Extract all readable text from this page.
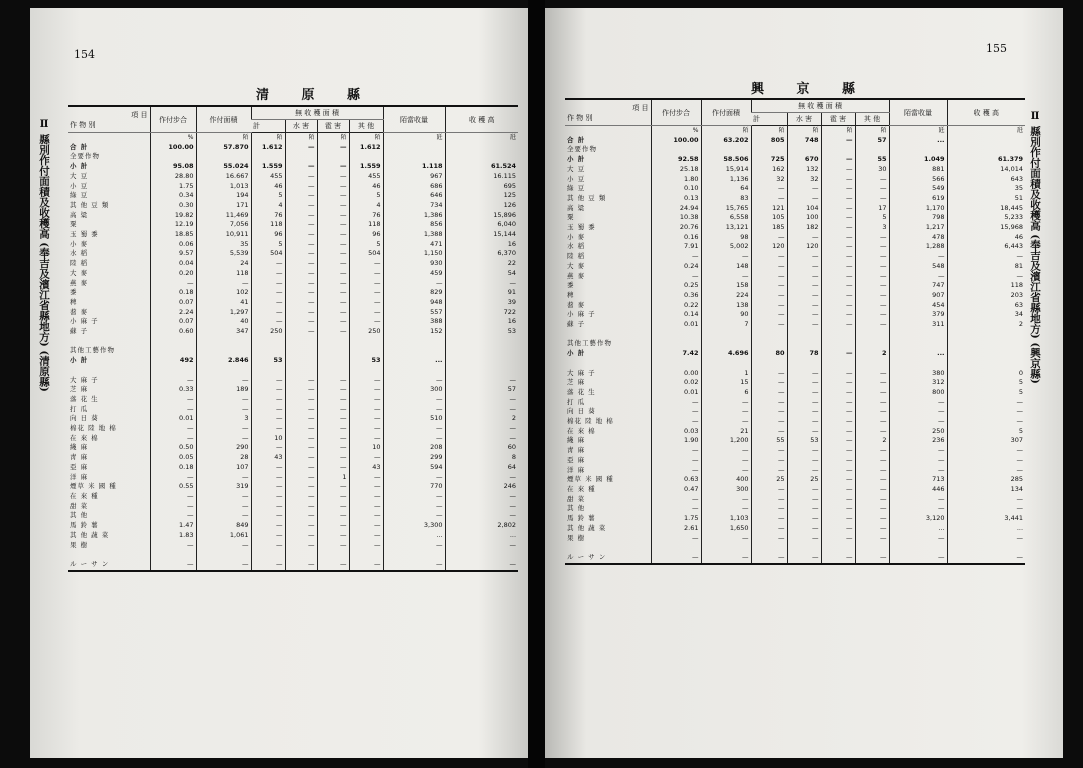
154
清 原 縣
Ⅱ 縣別作付面積及收穫高 (奉吉及濱江省縣地方) (清原縣)
項 目
作 物 別	作付步合	作付面積	無 收 穫 面 積				陌當收量	收 穫 高
			計	水 害	雹 害	其 他		
	%	陌	陌	陌	陌	陌	瓩	瓩
合 計	100.00	57.870	1.612	—	—	1.612		
全要作物								
小 計	95.08	55.024	1.559	—	—	1.559	1.118	61.524
大 豆	28.80	16.667	455	—	—	455	967	16.115
小 豆	1.75	1,013	46	—	—	46	686	695
綠 豆	0.34	194	5	—	—	5	646	125
其 他 豆 類	0.30	171	4	—	—	4	734	126
高 粱	19.82	11,469	76	—	—	76	1,386	15,896
粟	12.19	7,056	118	—	—	118	856	6,040
玉 蜀 黍	18.85	10,911	96	—	—	96	1,388	15,144
小 麥	0.06	35	5	—	—	5	471	16
水 稻	9.57	5,539	504	—	—	504	1,150	6,370
陸 稻	0.04	24	—	—	—	—	930	22
大 麥	0.20	118	—	—	—	—	459	54
燕 麥	—	—	—	—	—	—	—	—
黍	0.18	102	—	—	—	—	829	91
稗	0.07	41	—	—	—	—	948	39
蕎 麥	2.24	1,297	—	—	—	—	557	722
小 麻 子	0.07	40	—	—	—	—	388	16
蘇 子	0.60	347	250	—	—	250	152	53

其他工藝作物								
小 計	492	2.846	53			53	...	

大 麻 子	—	—	—	—	—	—	—	—
芝 麻	0.33	189	—	—	—	—	300	57
落 花 生	—	—	—	—	—	—	—	—
打 瓜	—	—	—	—	—	—	—	—
向 日 葵	0.01	3	—	—	—	—	510	2
棉花 陸 地 棉	—	—	—	—	—	—	—	—
在 來 棉	—	—	10	—	—	—	—	—
綫 麻	0.50	290	—	—	—	10	208	60
靑 麻	0.05	28	43	—	—	—	299	8
亞 麻	0.18	107	—	—	—	43	594	64
洋 麻	—	—	—	—	1	—	—	—
煙草 米 國 種	0.55	319	—	—	—	—	770	246
在 來 種	—	—	—	—	—	—	—	—
甜 菜	—	—	—	—	—	—	—	—
其 他	—	—	—	—	—	—	—	—
馬 鈴 薯	1.47	849	—	—	—	—	3,300	2,802
其 他 蔬 菜	1.83	1,061	—	—	—	—	...	...
果 樹	—	—	—	—	—	—	—	—

ル ー サ ン	—	—	—	—	—	—	—	—
155
興 京 縣
Ⅱ 縣別作付面積及收穫高 (奉吉及濱江省縣地方) (興京縣)
項 目
作 物 別	作付步合	作付面積	無 收 穫 面 積				陌當收量	收 穫 高
			計	水 害	雹 害	其 他		
	%	陌	陌	陌	陌	陌	瓩	瓩
合 計	100.00	63.202	805	748	—	57	...	
全要作物								
小 計	92.58	58.506	725	670	—	55	1.049	61.379
大 豆	25.18	15,914	162	132	—	30	881	14,014
小 豆	1.80	1,136	32	32	—	—	566	643
綠 豆	0.10	64	—	—	—	—	549	35
其 他 豆 類	0.13	83	—	—	—	—	619	51
高 粱	24.94	15,765	121	104	—	17	1,170	18,445
粟	10.38	6,558	105	100	—	5	798	5,233
玉 蜀 黍	20.76	13,121	185	182	—	3	1,217	15,968
小 麥	0.16	98	—	—	—	—	478	46
水 稻	7.91	5,002	120	120	—	—	1,288	6,443
陸 稻	—	—	—	—	—	—	—	—
大 麥	0.24	148	—	—	—	—	548	81
燕 麥	—	—	—	—	—	—	—	—
黍	0.25	158	—	—	—	—	747	118
稗	0.36	224	—	—	—	—	907	203
蕎 麥	0.22	138	—	—	—	—	454	63
小 麻 子	0.14	90	—	—	—	—	379	34
蘇 子	0.01	7	—	—	—	—	311	2

其他工藝作物								
小 計	7.42	4.696	80	78	—	2	...	

大 麻 子	0.00	1	—	—	—	—	380	0
芝 麻	0.02	15	—	—	—	—	312	5
落 花 生	0.01	6	—	—	—	—	800	5
打 瓜	—	—	—	—	—	—	—	—
向 日 葵	—	—	—	—	—	—	—	—
棉花 陸 地 棉	—	—	—	—	—	—	—	—
在 來 棉	0.03	21	—	—	—	—	250	5
綫 麻	1.90	1,200	55	53	—	2	236	307
靑 麻	—	—	—	—	—	—	—	—
亞 麻	—	—	—	—	—	—	—	—
洋 麻	—	—	—	—	—	—	—	—
煙草 米 國 種	0.63	400	25	25	—	—	713	285
在 來 種	0.47	300	—	—	—	—	446	134
甜 菜	—	—	—	—	—	—	—	—
其 他	—	—	—	—	—	—	—	—
馬 鈴 薯	1.75	1,103	—	—	—	—	3,120	3,441
其 他 蔬 菜	2.61	1,650	—	—	—	—	...	...
果 樹	—	—	—	—	—	—	—	—

ル ー サ ン	—	—	—	—	—	—	—	—
